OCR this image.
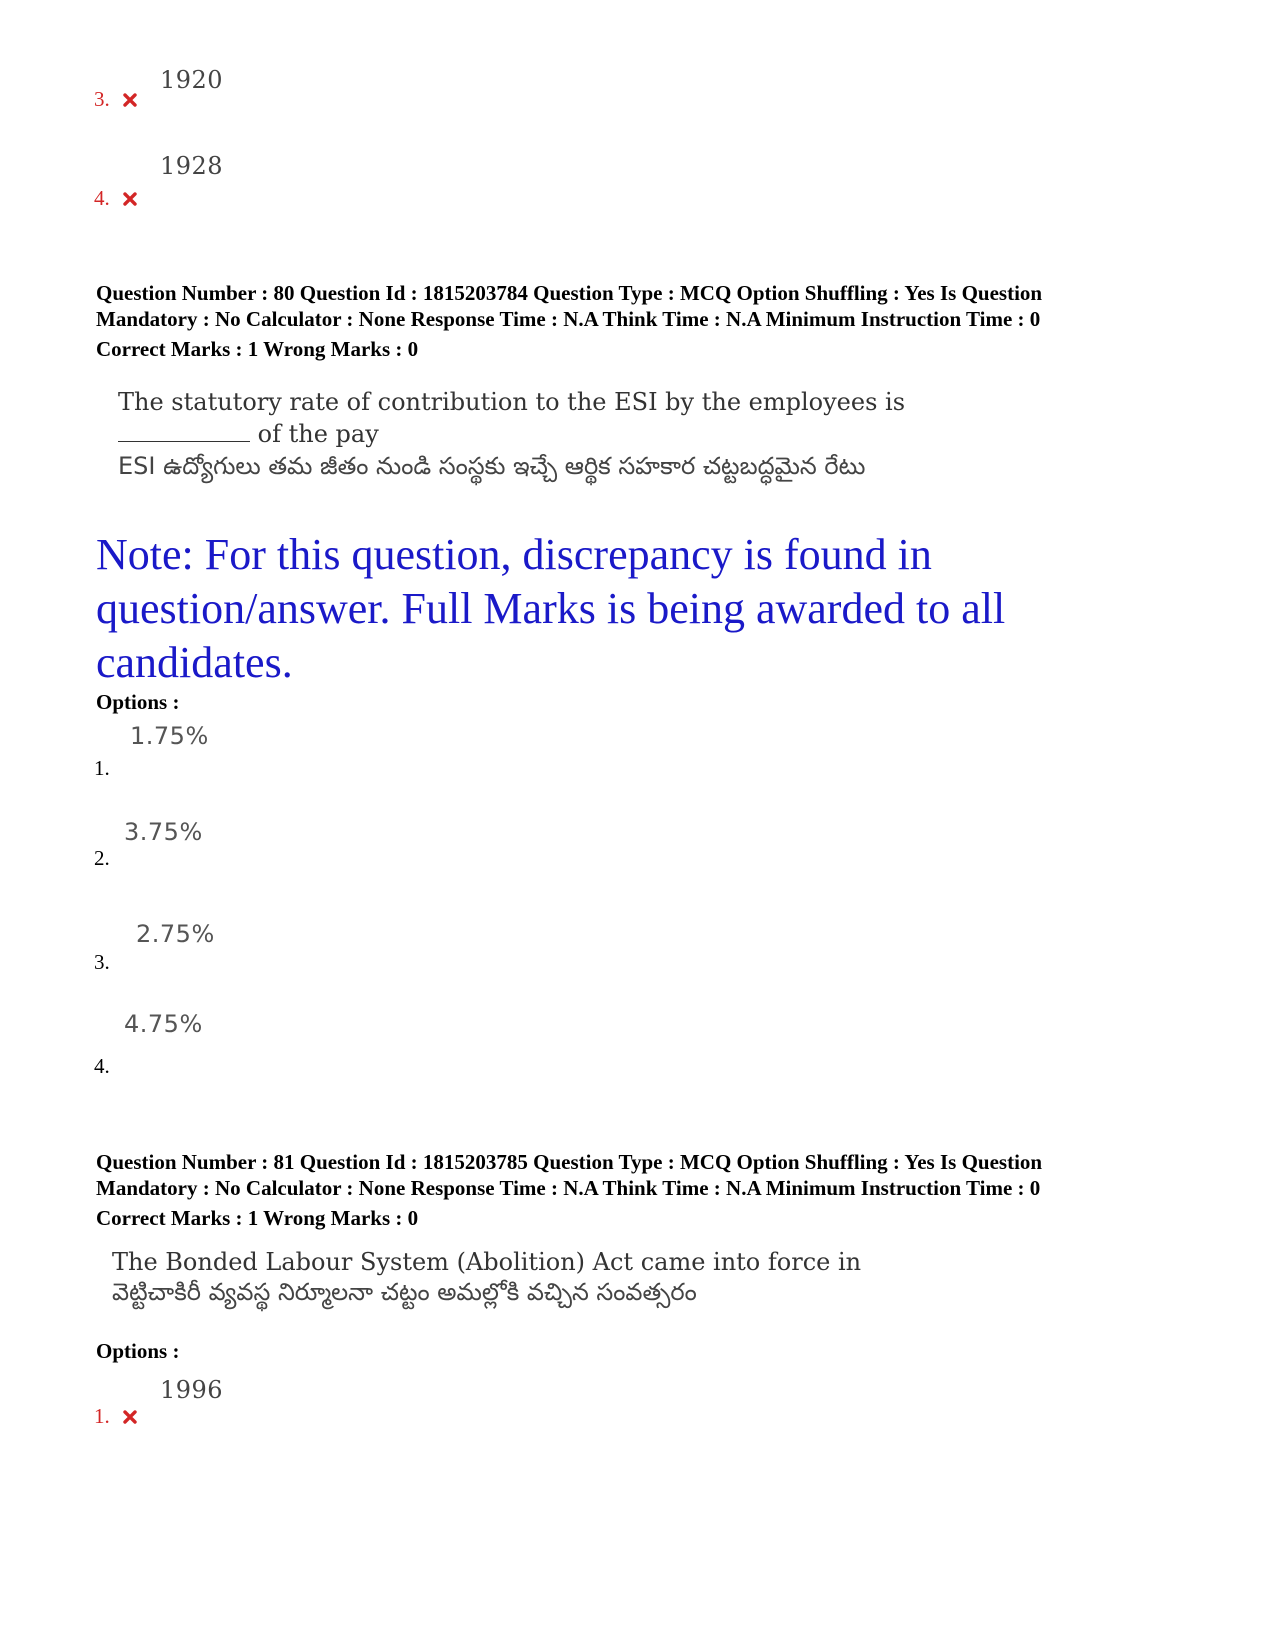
1920
3.
1928
4.
Question Number : 80 Question Id : 1815203784 Question Type : MCQ Option Shuffling : Yes Is Question
Mandatory : No Calculator : None Response Time : N.A Think Time : N.A Minimum Instruction Time : 0
Correct Marks : 1 Wrong Marks : 0
The statutory rate of contribution to the ESI by the employees is
of the pay
ESI ఉద్యోగులు తమ జీతం నుండి సంస్థకు ఇచ్చే ఆర్థిక సహకార చట్టబద్ధమైన రేటు
Note: For this question, discrepancy is found in question/answer. Full Marks is being awarded to all candidates.
Options :
1.75%
1.
3.75%
2.
2.75%
3.
4.75%
4.
Question Number : 81 Question Id : 1815203785 Question Type : MCQ Option Shuffling : Yes Is Question
Mandatory : No Calculator : None Response Time : N.A Think Time : N.A Minimum Instruction Time : 0
Correct Marks : 1 Wrong Marks : 0
The Bonded Labour System (Abolition) Act came into force in
వెట్టిచాకిరీ వ్యవస్థ నిర్మూలనా చట్టం అమల్లోకి వచ్చిన సంవత్సరం
Options :
1996
1.
